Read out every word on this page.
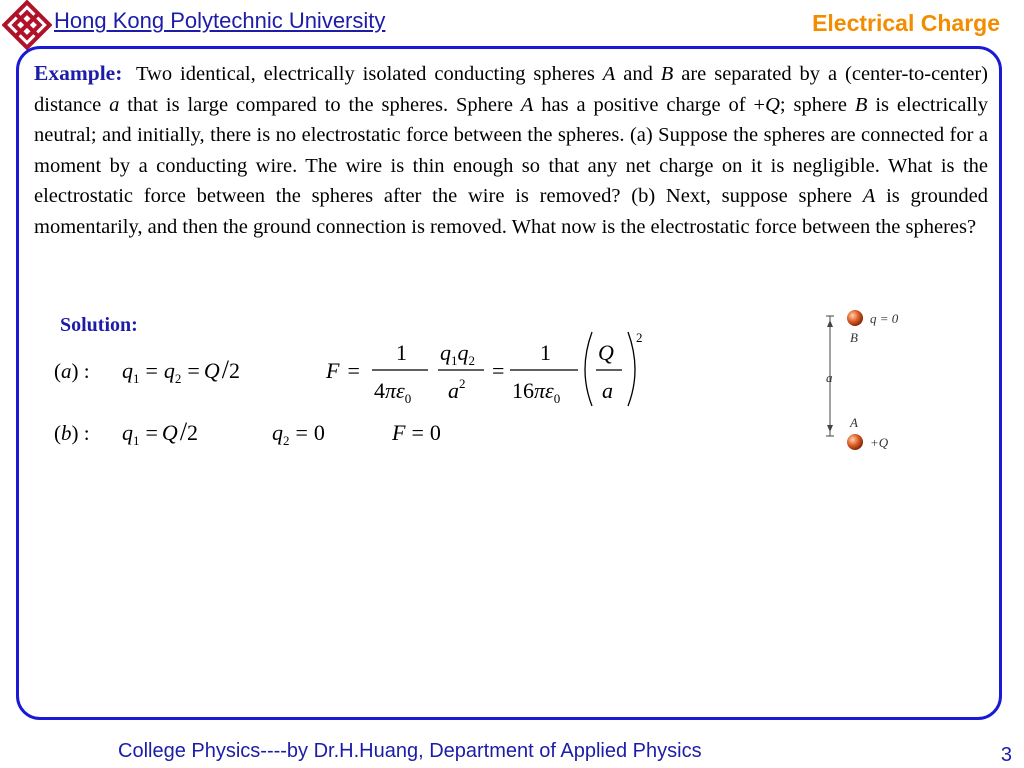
Hong Kong Polytechnic University	Electrical Charge
Example: Two identical, electrically isolated conducting spheres A and B are separated by a (center-to-center) distance a that is large compared to the spheres. Sphere A has a positive charge of +Q; sphere B is electrically neutral; and initially, there is no electrostatic force between the spheres. (a) Suppose the spheres are connected for a moment by a conducting wire. The wire is thin enough so that any net charge on it is negligible. What is the electrostatic force between the spheres after the wire is removed? (b) Next, suppose sphere A is grounded momentarily, and then the ground connection is removed. What now is the electrostatic force between the spheres?
Solution:
(a) : $q_1 = q_2 = Q/2$	F =
1
$4\pi\varepsilon_0$
$q_1q_2$
$a^2$
=
1
$16\pi\varepsilon_0$
Q
a
2
(b) : $q_1 = Q/2$	$q_2 = 0$	F = 0
q = 0
B
a
A
+Q
College Physics----by Dr.H.Huang, Department of Applied Physics	3
